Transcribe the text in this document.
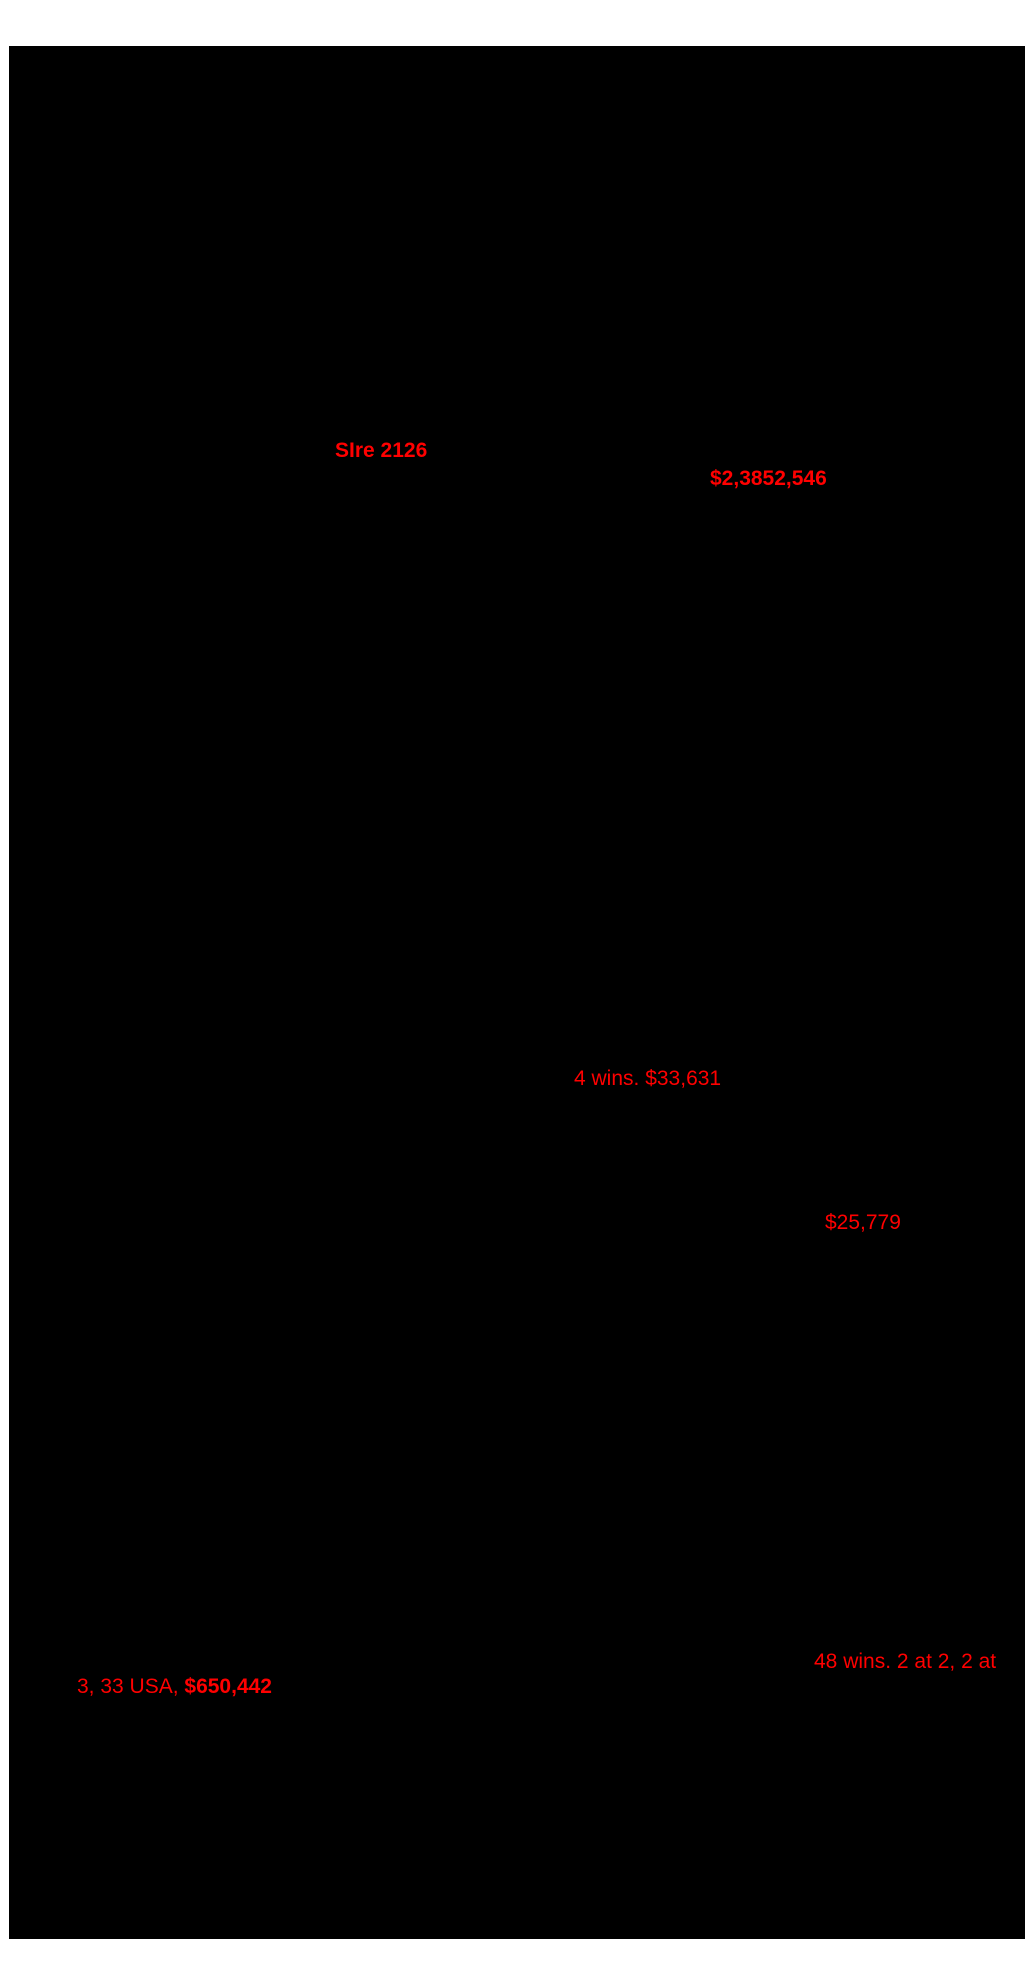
SIre 2126
$2,3852,546
4 wins. $33,631
$25,779
48 wins. 2 at 2, 2 at
3, 33 USA, $650,442
